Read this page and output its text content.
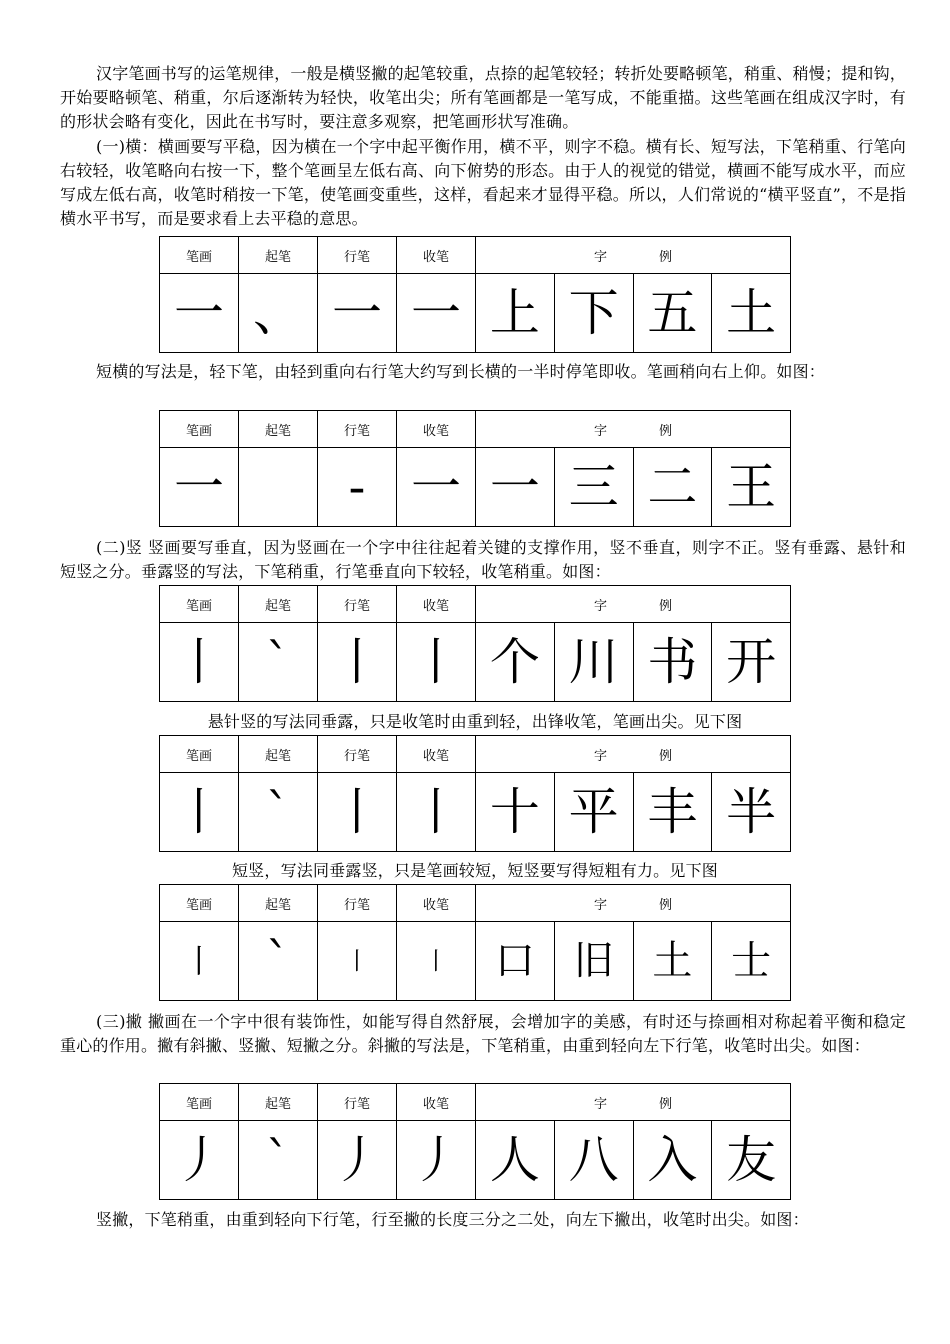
汉字笔画书写的运笔规律，一般是横竖撇的起笔较重，点捺的起笔较轻；转折处要略顿笔，稍重、稍慢；提和钩，开始要略顿笔、稍重，尔后逐渐转为轻快，收笔出尖；所有笔画都是一笔写成，不能重描。这些笔画在组成汉字时，有的形状会略有变化，因此在书写时，要注意多观察，把笔画形状写准确。

(一)横：横画要写平稳，因为横在一个字中起平衡作用，横不平，则字不稳。横有长、短写法，下笔稍重、行笔向右较轻，收笔略向右按一下，整个笔画呈左低右高、向下俯势的形态。由于人的视觉的错觉，横画不能写成水平，而应写成左低右高，收笔时稍按一下笔，使笔画变重些，这样，看起来才显得平稳。所以，人们常说的“横平竖直”，不是指横水平书写，而是要求看上去平稳的意思。

笔画	起笔	行笔	收笔	字　　　　例			
一	、	一	一	上	下	五	土

短横的写法是，轻下笔，由轻到重向右行笔大约写到长横的一半时停笔即收。笔画稍向右上仰。如图：

笔画	起笔	行笔	收笔	字　　　　例			
一		-	一	一	三	二	王

(二)竖 竖画要写垂直，因为竖画在一个字中往往起着关键的支撑作用，竖不垂直，则字不正。竖有垂露、悬针和短竖之分。垂露竖的写法，下笔稍重，行笔垂直向下较轻，收笔稍重。如图：

笔画	起笔	行笔	收笔	字　　　　例			
丨	`	丨	丨	个	川	书	开

悬针竖的写法同垂露，只是收笔时由重到轻，出锋收笔，笔画出尖。见下图

笔画	起笔	行笔	收笔	字　　　　例			
丨	`	丨	丨	十	平	丰	半

短竖，写法同垂露竖，只是笔画较短，短竖要写得短粗有力。见下图

笔画	起笔	行笔	收笔	字　　　　例			
丨	`	丨	丨	口	旧	土	士

(三)撇 撇画在一个字中很有装饰性，如能写得自然舒展，会增加字的美感，有时还与捺画相对称起着平衡和稳定重心的作用。撇有斜撇、竖撇、短撇之分。斜撇的写法是，下笔稍重，由重到轻向左下行笔，收笔时出尖。如图：

笔画	起笔	行笔	收笔	字　　　　例			
丿	`	丿	丿	人	八	入	友

竖撇，下笔稍重，由重到轻向下行笔，行至撇的长度三分之二处，向左下撇出，收笔时出尖。如图：
